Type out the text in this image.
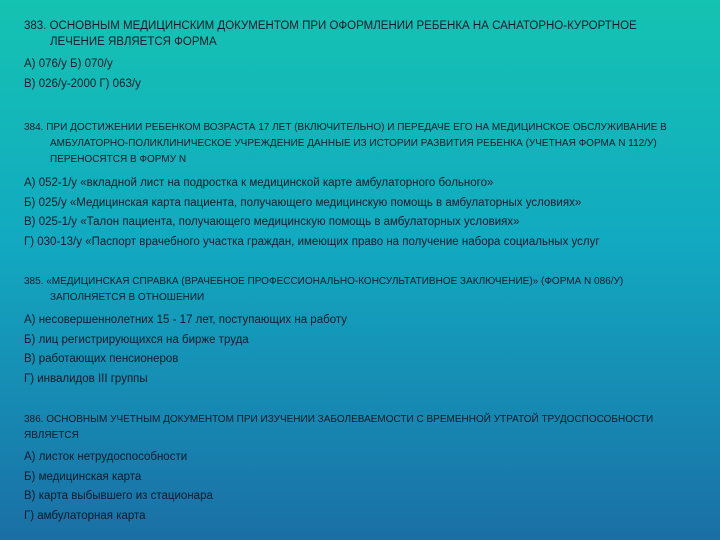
383. ОСНОВНЫМ МЕДИЦИНСКИМ ДОКУМЕНТОМ ПРИ ОФОРМЛЕНИИ РЕБЕНКА НА САНАТОРНО-КУРОРТНОЕ
ЛЕЧЕНИЕ ЯВЛЯЕТСЯ ФОРМА
А) 076/у Б) 070/у
В) 026/у-2000 Г) 063/у
384. ПРИ ДОСТИЖЕНИИ РЕБЕНКОМ ВОЗРАСТА 17 ЛЕТ (ВКЛЮЧИТЕЛЬНО) И ПЕРЕДАЧЕ ЕГО НА МЕДИЦИНСКОЕ ОБСЛУЖИВАНИЕ В
АМБУЛАТОРНО-ПОЛИКЛИНИЧЕСКОЕ УЧРЕЖДЕНИЕ ДАННЫЕ ИЗ ИСТОРИИ РАЗВИТИЯ РЕБЕНКА (УЧЕТНАЯ ФОРМА N 112/У)
ПЕРЕНОСЯТСЯ В ФОРМУ N
А) 052-1/у «вкладной лист на подростка к медицинской карте амбулаторного больного»
Б) 025/у «Медицинская карта пациента, получающего медицинскую помощь в амбулаторных условиях»
В) 025-1/у «Талон пациента, получающего медицинскую помощь в амбулаторных условиях»
Г) 030-13/у «Паспорт врачебного участка граждан, имеющих право на получение набора социальных услуг
385. «МЕДИЦИНСКАЯ СПРАВКА (ВРАЧЕБНОЕ ПРОФЕССИОНАЛЬНО-КОНСУЛЬТАТИВНОЕ ЗАКЛЮЧЕНИЕ)» (ФОРМА N 086/У)
ЗАПОЛНЯЕТСЯ В ОТНОШЕНИИ
А) несовершеннолетних 15 - 17 лет, поступающих на работу
Б) лиц регистрирующихся на бирже труда
В) работающих пенсионеров
Г) инвалидов III группы
386. ОСНОВНЫМ УЧЕТНЫМ ДОКУМЕНТОМ ПРИ ИЗУЧЕНИИ ЗАБОЛЕВАЕМОСТИ С ВРЕМЕННОЙ УТРАТОЙ ТРУДОСПОСОБНОСТИ
ЯВЛЯЕТСЯ
А) листок нетрудоспособности
Б) медицинская карта
В) карта выбывшего из стационара
Г) амбулаторная карта
